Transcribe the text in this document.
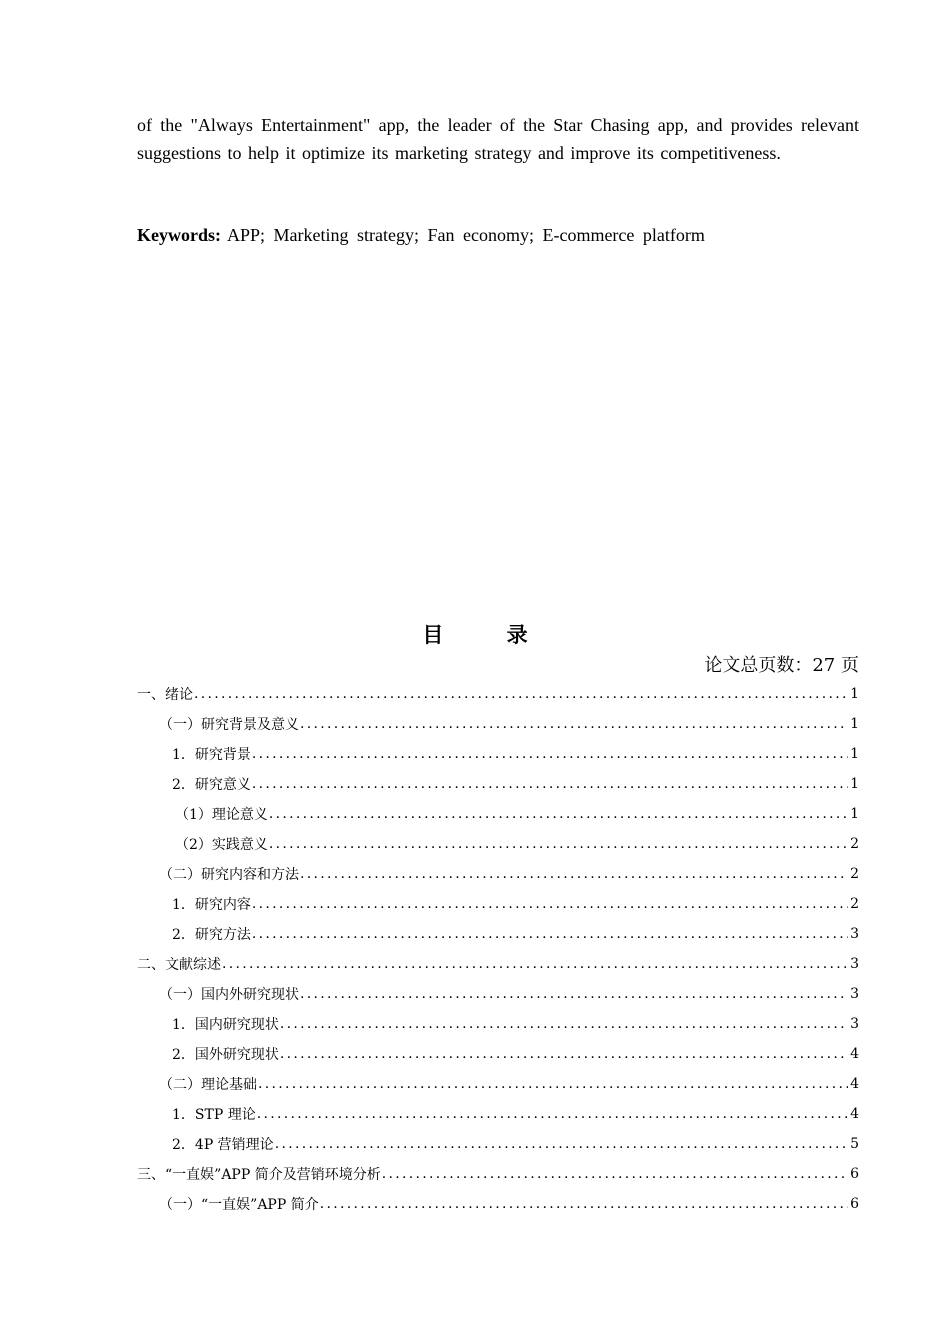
of the "Always Entertainment" app, the leader of the Star Chasing app, and provides relevant suggestions to help it optimize its marketing strategy and improve its competitiveness.
Keywords: APP; Marketing strategy; Fan economy; E-commerce platform
目 录
论文总页数：27 页
一、绪论 .....	1
（一）研究背景及意义 .....	1
1．研究背景 .....	1
2．研究意义 .....	1
（1）理论意义 .....	1
（2）实践意义 .....	2
（二）研究内容和方法 .....	2
1．研究内容 .....	2
2．研究方法 .....	3
二、文献综述 .....	3
（一）国内外研究现状 .....	3
1．国内研究现状 .....	3
2．国外研究现状 .....	4
（二）理论基础 .....	4
1．STP 理论 .....	4
2．4P 营销理论 .....	5
三、“一直娱”APP 简介及营销环境分析 .....	6
（一）“一直娱”APP 简介 .....	6
